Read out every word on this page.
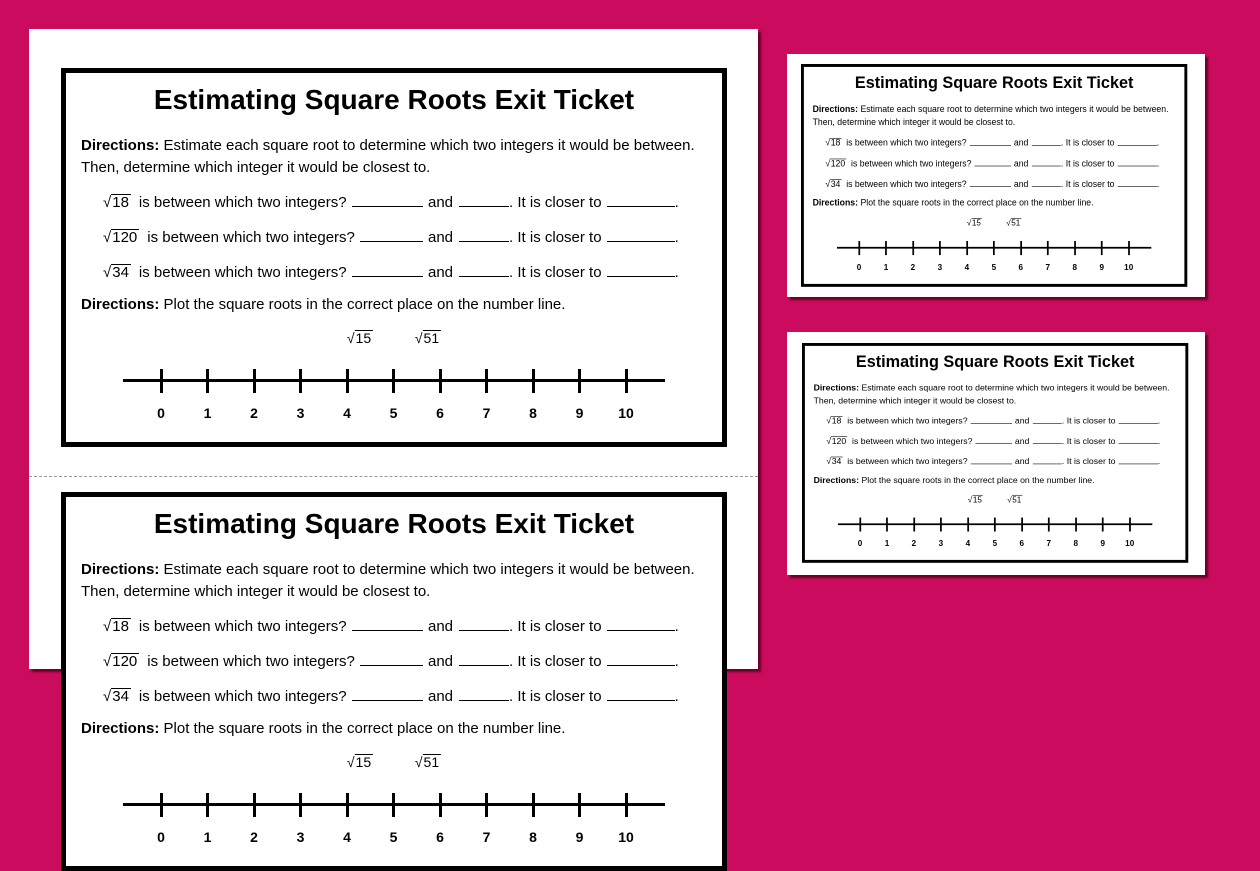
Estimating Square Roots Exit Ticket
Directions: Estimate each square root to determine which two integers it would be between.
Then, determine which integer it would be closest to.
√ 18 is between which two integers?	and	. It is closer to	.
√ 120 is between which two integers?	and	. It is closer to	.
√ 34 is between which two integers?	and	. It is closer to	.
Directions: Plot the square roots in the correct place on the number line.
√ 15	√ 51
0	1	2	3	4	5	6	7	8	9	10
Estimating Square Roots Exit Ticket
Directions: Estimate each square root to determine which two integers it would be between.
Then, determine which integer it would be closest to.
√ 18 is between which two integers?	and	. It is closer to	.
√ 120 is between which two integers?	and	. It is closer to	.
√ 34 is between which two integers?	and	. It is closer to	.
Directions: Plot the square roots in the correct place on the number line.
√ 15	√ 51
0	1	2	3	4	5	6	7	8	9	10
Estimating Square Roots Exit Ticket
Directions: Estimate each square root to determine which two integers it would be between.
Then, determine which integer it would be closest to.
√ 18 is between which two integers?	and . It is closer to	.
√ 120 is between which two integers?	and . It is closer to	.
√ 34 is between which two integers?	and . It is closer to	.
Directions: Plot the square roots in the correct place on the number line.
√ 15 √ 51
0	1	2	3	4	5	6	7	8	9	10
Estimating Square Roots Exit Ticket
Directions: Estimate each square root to determine which two integers it would be between.
Then, determine which integer it would be closest to.
√ 18 is between which two integers?	and . It is closer to	.
√ 120 is between which two integers?	and . It is closer to	.
√ 34 is between which two integers?	and . It is closer to	.
Directions: Plot the square roots in the correct place on the number line.
√ 15 √ 51
0	1	2	3	4	5	6	7	8	9	10
